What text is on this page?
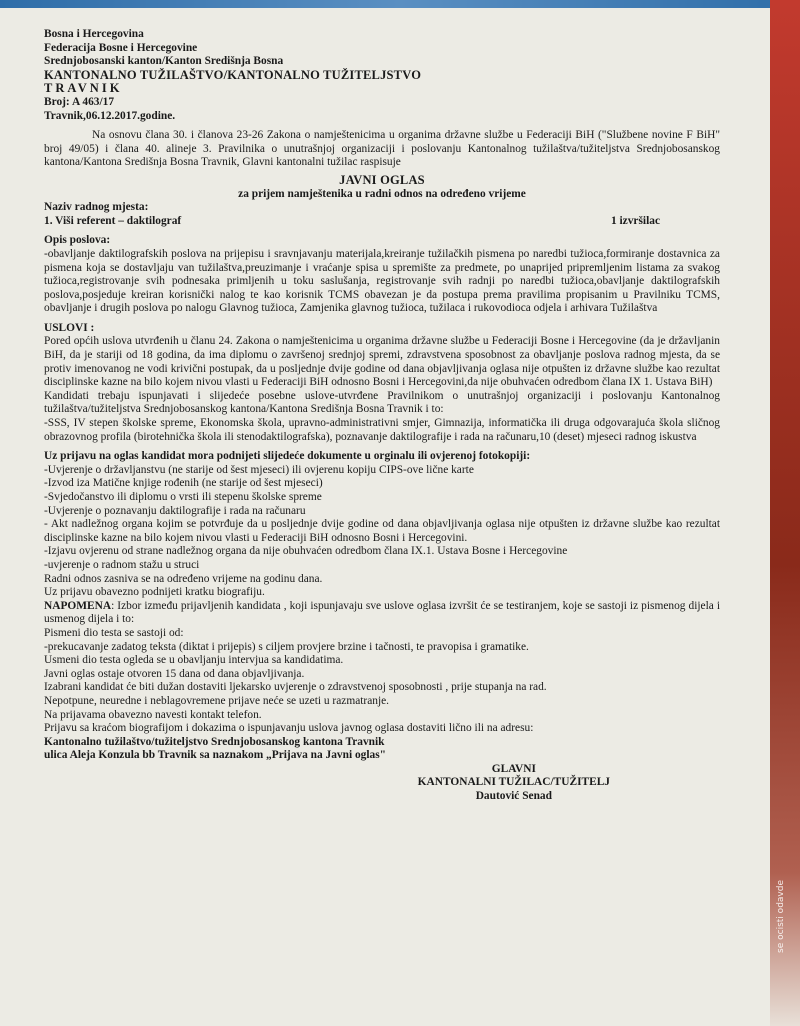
se ocisti odavde

Bosna i Hercegovina

Federacija Bosne i Hercegovine

Srednjobosanski kanton/Kanton Središnja Bosna

KANTONALNO TUŽILAŠTVO/KANTONALNO TUŽITELJSTVO

TRAVNIK

Broj: A 463/17

Travnik,06.12.2017.godine.

Na osnovu člana 30. i članova 23-26 Zakona o namještenicima u organima državne službe u Federaciji BiH ("Službene novine F BiH" broj 49/05) i člana 40. alineje 3. Pravilnika o unutrašnjoj organizaciji i poslovanju Kantonalnog tužilaštva/tužiteljstva Srednjobosanskog kantona/Kantona Središnja Bosna Travnik, Glavni kantonalni tužilac raspisuje

JAVNI OGLAS

za prijem namještenika u radni odnos na određeno vrijeme

Naziv radnog mjesta:

1. Viši referent – daktilograf	1 izvršilac

Opis poslova:

-obavljanje daktilografskih poslova na prijepisu i sravnjavanju materijala,kreiranje tužilačkih pismena po naredbi tužioca,formiranje dostavnica za pismena koja se dostavljaju van tužilaštva,preuzimanje i vraćanje spisa u spremište za predmete, po unaprijed pripremljenim listama za svakog tužioca,registrovanje svih podnesaka primljenih u toku saslušanja, registrovanje svih radnji po naredbi tužioca,obavljanje daktilografskih poslova,posjeduje kreiran korisnički nalog te kao korisnik TCMS obavezan je da postupa prema pravilima propisanim u Pravilniku TCMS, obavljanje i drugih poslova po nalogu Glavnog tužioca, Zamjenika glavnog tužioca, tužilaca i rukovodioca odjela i arhivara Tužilaštva

USLOVI :

Pored općih uslova utvrđenih u članu 24. Zakona o namještenicima u organima državne službe u Federaciji Bosne i Hercegovine (da je državljanin BiH, da je stariji od 18 godina, da ima diplomu o završenoj srednjoj spremi, zdravstvena sposobnost za obavljanje poslova radnog mjesta, da se protiv imenovanog ne vodi krivični postupak, da u posljednje dvije godine od dana objavljivanja oglasa nije otpušten iz državne službe kao rezultat disciplinske kazne na bilo kojem nivou vlasti u Federaciji BiH odnosno Bosni i Hercegovini,da nije obuhvaćen odredbom člana IX 1. Ustava BiH)

Kandidati trebaju ispunjavati i slijedeće posebne uslove-utvrđene Pravilnikom o unutrašnjoj organizaciji i poslovanju Kantonalnog tužilaštva/tužiteljstva Srednjobosanskog kantona/Kantona Središnja Bosna Travnik i to:

-SSS, IV stepen školske spreme, Ekonomska škola, upravno-administrativni smjer, Gimnazija, informatička ili druga odgovarajuća škola sličnog obrazovnog profila (birotehnička škola ili stenodaktilografska), poznavanje daktilografije i rada na računaru,10 (deset) mjeseci radnog iskustva

Uz prijavu na oglas kandidat mora podnijeti slijedeće dokumente u orginalu ili ovjerenoj fotokopiji:

-Uvjerenje o državljanstvu (ne starije od šest mjeseci) ili ovjerenu kopiju CIPS-ove lične karte

-Izvod iza Matične knjige rođenih (ne starije od šest mjeseci)

-Svjedočanstvo ili diplomu o vrsti ili stepenu školske spreme

-Uvjerenje o poznavanju daktilografije i rada na računaru

- Akt nadležnog organa kojim se potvrđuje da u posljednje dvije godine od dana objavljivanja oglasa nije otpušten iz državne službe kao rezultat disciplinske kazne na bilo kojem nivou vlasti u Federaciji BiH odnosno Bosni i Hercegovini.

-Izjavu ovjerenu od strane nadležnog organa da nije obuhvaćen odredbom člana IX.1. Ustava Bosne i Hercegovine

-uvjerenje o radnom stažu u struci

Radni odnos zasniva se na određeno vrijeme na godinu dana.

Uz prijavu obavezno podnijeti kratku biografiju.

NAPOMENA: Izbor između prijavljenih kandidata , koji ispunjavaju sve uslove oglasa izvršit će se testiranjem, koje se sastoji iz pismenog dijela i usmenog dijela i to:

Pismeni dio testa se sastoji od:

-prekucavanje zadatog teksta (diktat i prijepis) s ciljem provjere brzine i tačnosti, te pravopisa i gramatike.

Usmeni dio testa ogleda se u obavljanju intervjua sa kandidatima.

Javni oglas ostaje otvoren 15 dana od dana objavljivanja.

Izabrani kandidat će biti dužan dostaviti ljekarsko uvjerenje o zdravstvenoj sposobnosti , prije stupanja na rad.

Nepotpune, neuredne i neblagovremene prijave neće se uzeti u razmatranje.

Na prijavama obavezno navesti kontakt telefon.

Prijavu sa kraćom biografijom i dokazima o ispunjavanju uslova javnog oglasa dostaviti lično ili na adresu:

Kantonalno tužilaštvo/tužiteljstvo Srednjobosanskog kantona Travnik

ulica Aleja Konzula bb Travnik sa naznakom „Prijava na Javni oglas"

GLAVNI

KANTONALNI TUŽILAC/TUŽITELJ

Dautović Senad
